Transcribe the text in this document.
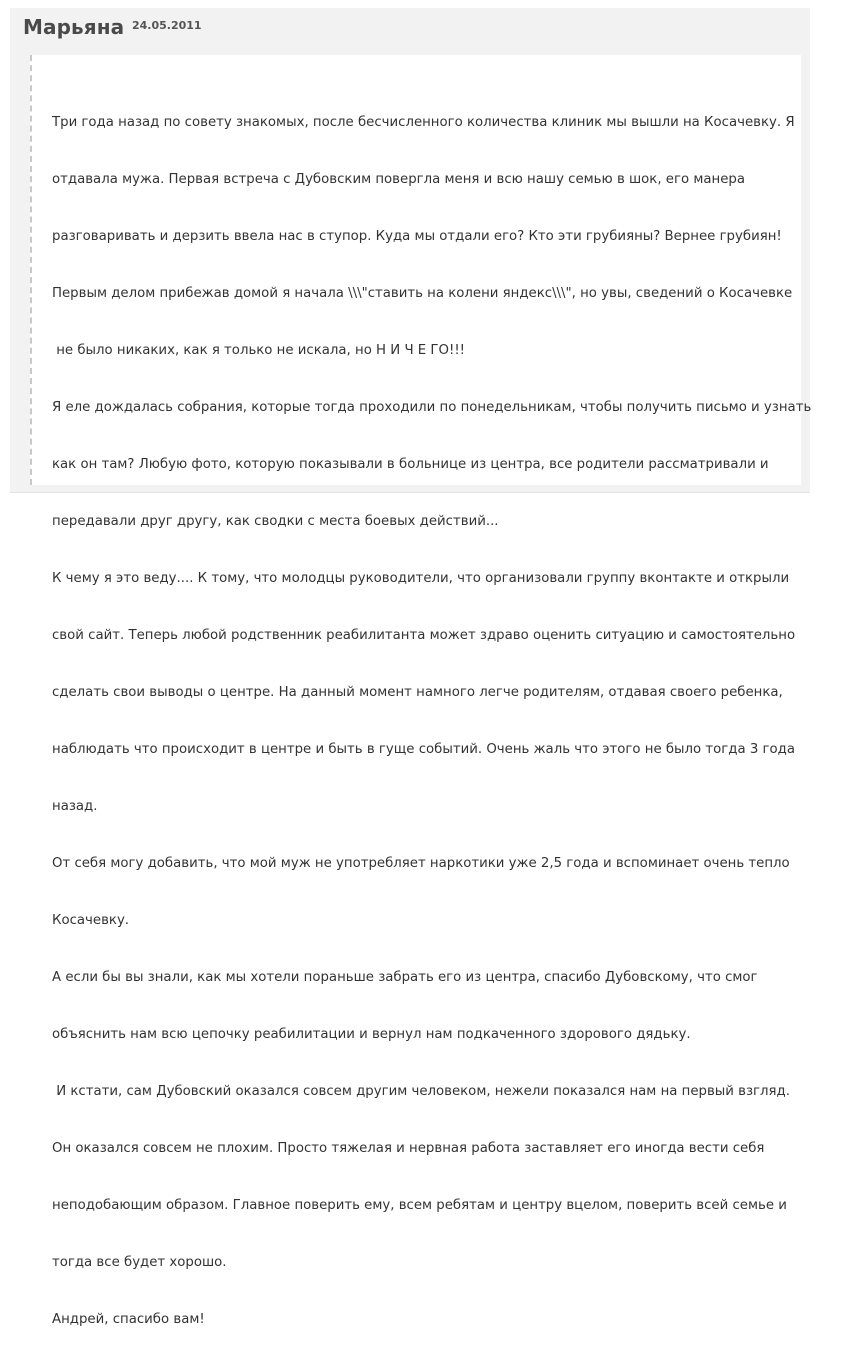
Марьяна 24.05.2011

Три года назад по совету знакомых, после бесчисленного количества клиник мы вышли на Косачевку. Я

отдавала мужа. Первая встреча с Дубовским повергла меня и всю нашу семью в шок, его манера

разговаривать и дерзить ввела нас в ступор. Куда мы отдали его? Кто эти грубияны? Вернее грубиян!

Первым делом прибежав домой я начала \\\"ставить на колени яндекс\\\", но увы, сведений о Косачевке

не было никаких, как я только не искала, но Н И Ч Е ГО!!!

Я еле дождалась собрания, которые тогда проходили по понедельникам, чтобы получить письмо и узнать

как он там? Любую фото, которую показывали в больнице из центра, все родители рассматривали и

передавали друг другу, как сводки с места боевых действий...

К чему я это веду.... К тому, что молодцы руководители, что организовали группу вконтакте и открыли

свой сайт. Теперь любой родственник реабилитанта может здраво оценить ситуацию и самостоятельно

сделать свои выводы о центре. На данный момент намного легче родителям, отдавая своего ребенка,

наблюдать что происходит в центре и быть в гуще событий. Очень жаль что этого не было тогда 3 года

назад.

От себя могу добавить, что мой муж не употребляет наркотики уже 2,5 года и вспоминает очень тепло

Косачевку.

А если бы вы знали, как мы хотели пораньше забрать его из центра, спасибо Дубовскому, что смог

объяснить нам всю цепочку реабилитации и вернул нам подкаченного здорового дядьку.

И кстати, сам Дубовский оказался совсем другим человеком, нежели показался нам на первый взгляд.

Он оказался совсем не плохим. Просто тяжелая и нервная работа заставляет его иногда вести себя

неподобающим образом. Главное поверить ему, всем ребятам и центру вцелом, поверить всей семье и

тогда все будет хорошо.

Андрей, спасибо вам!
